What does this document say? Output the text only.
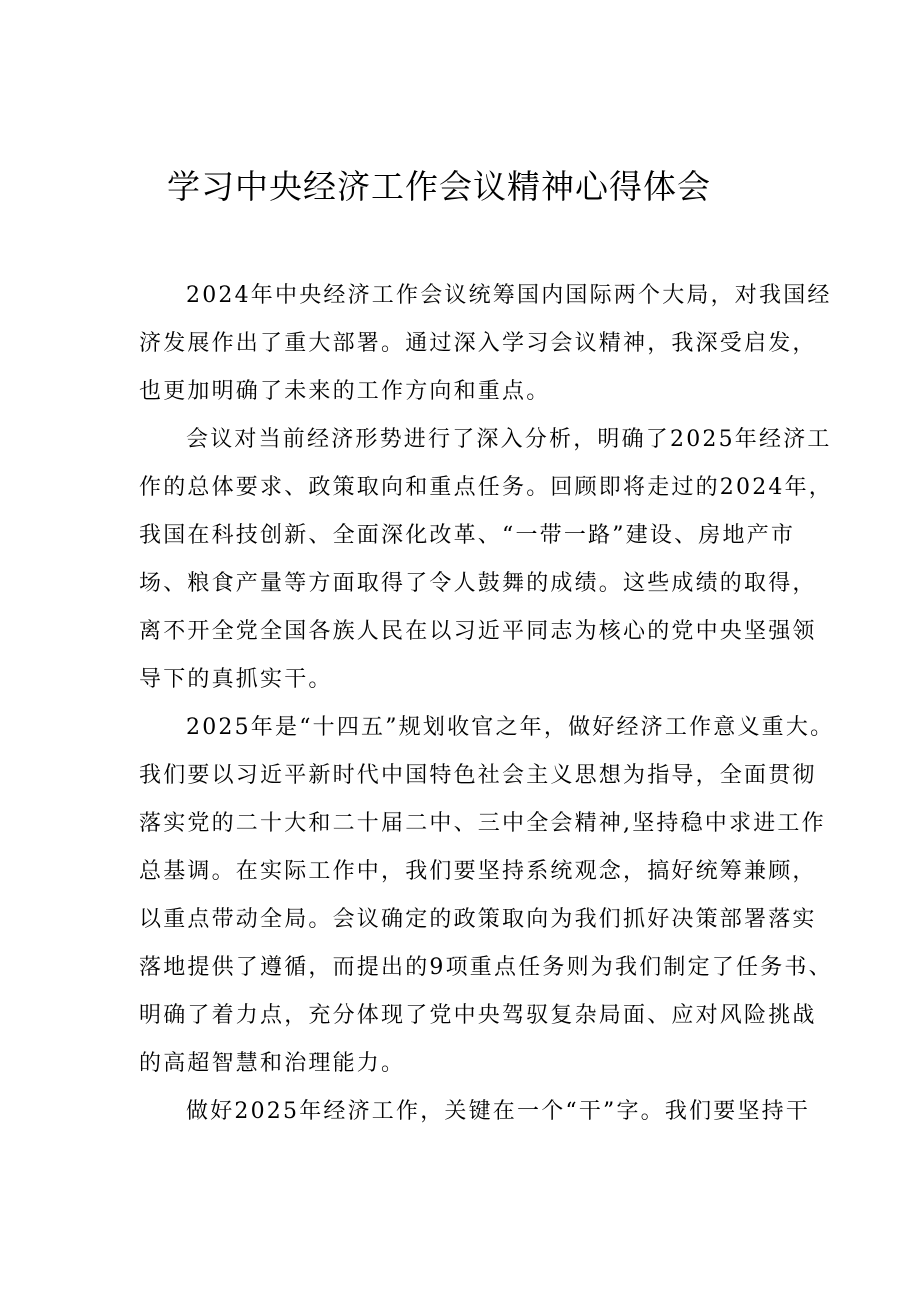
学习中央经济工作会议精神心得体会
2024年中央经济工作会议统筹国内国际两个大局，对我国经
济发展作出了重大部署。通过深入学习会议精神，我深受启发，
也更加明确了未来的工作方向和重点。
会议对当前经济形势进行了深入分析，明确了2025年经济工
作的总体要求、政策取向和重点任务。回顾即将走过的2024年，
我国在科技创新、全面深化改革、“一带一路”建设、房地产市
场、粮食产量等方面取得了令人鼓舞的成绩。这些成绩的取得，
离不开全党全国各族人民在以习近平同志为核心的党中央坚强领
导下的真抓实干。
2025年是“十四五”规划收官之年，做好经济工作意义重大。
我们要以习近平新时代中国特色社会主义思想为指导，全面贯彻
落实党的二十大和二十届二中、三中全会精神,坚持稳中求进工作
总基调。在实际工作中，我们要坚持系统观念，搞好统筹兼顾，
以重点带动全局。会议确定的政策取向为我们抓好决策部署落实
落地提供了遵循，而提出的9项重点任务则为我们制定了任务书、
明确了着力点，充分体现了党中央驾驭复杂局面、应对风险挑战
的高超智慧和治理能力。
做好2025年经济工作，关键在一个“干”字。我们要坚持干
